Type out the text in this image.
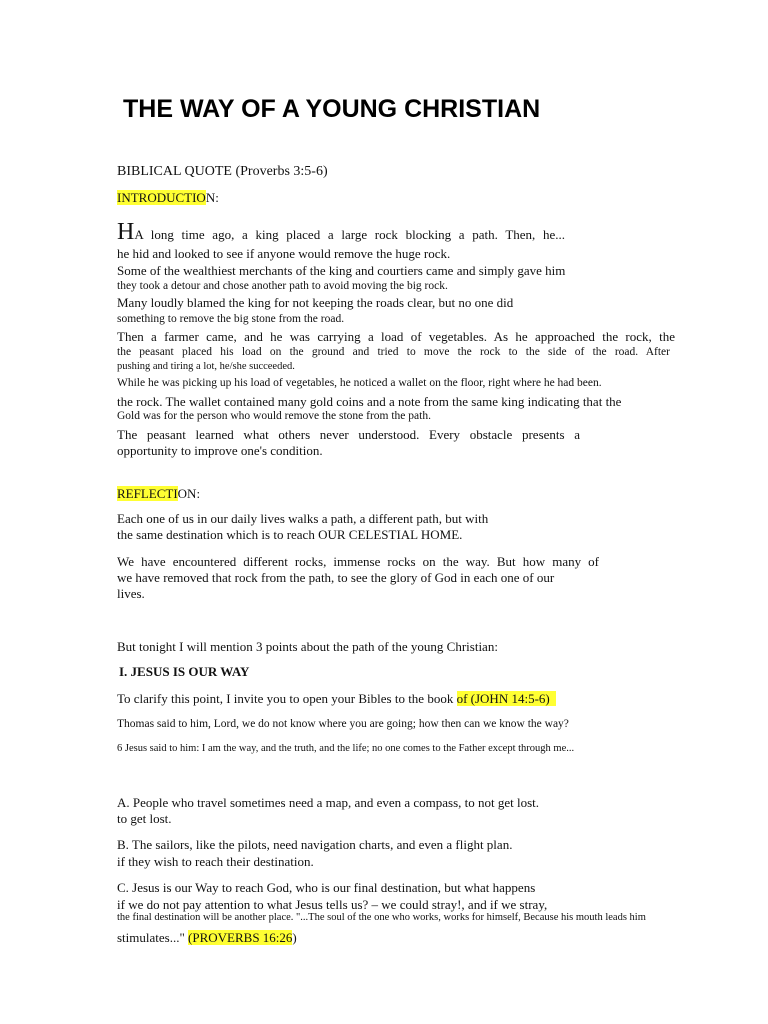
THE WAY OF A YOUNG CHRISTIAN
BIBLICAL QUOTE (Proverbs 3:5-6)
INTRODUCTION:
HA long time ago, a king placed a large rock blocking a path. Then, he...
he hid and looked to see if anyone would remove the huge rock.
Some of the wealthiest merchants of the king and courtiers came and simply gave him
they took a detour and chose another path to avoid moving the big rock.
Many loudly blamed the king for not keeping the roads clear, but no one did
something to remove the big stone from the road.
Then a farmer came, and he was carrying a load of vegetables. As he approached the rock, the
the peasant placed his load on the ground and tried to move the rock to the side of the road. After
pushing and tiring a lot, he/she succeeded.
While he was picking up his load of vegetables, he noticed a wallet on the floor, right where he had been.
the rock. The wallet contained many gold coins and a note from the same king indicating that the
Gold was for the person who would remove the stone from the path.
The peasant learned what others never understood. Every obstacle presents a
opportunity to improve one's condition.
REFLECTION:
Each one of us in our daily lives walks a path, a different path, but with
the same destination which is to reach OUR CELESTIAL HOME.
We have encountered different rocks, immense rocks on the way. But how many of
we have removed that rock from the path, to see the glory of God in each one of our
lives.
But tonight I will mention 3 points about the path of the young Christian:
I. JESUS IS OUR WAY
To clarify this point, I invite you to open your Bibles to the book of (JOHN 14:5-6)
Thomas said to him, Lord, we do not know where you are going; how then can we know the way?
6 Jesus said to him: I am the way, and the truth, and the life; no one comes to the Father except through me...
A. People who travel sometimes need a map, and even a compass, to not get lost.
to get lost.
B. The sailors, like the pilots, need navigation charts, and even a flight plan.
if they wish to reach their destination.
C. Jesus is our Way to reach God, who is our final destination, but what happens
if we do not pay attention to what Jesus tells us? – we could stray!, and if we stray,
the final destination will be another place. "...The soul of the one who works, works for himself, Because his mouth leads him
stimulates..." (PROVERBS 16:26)
